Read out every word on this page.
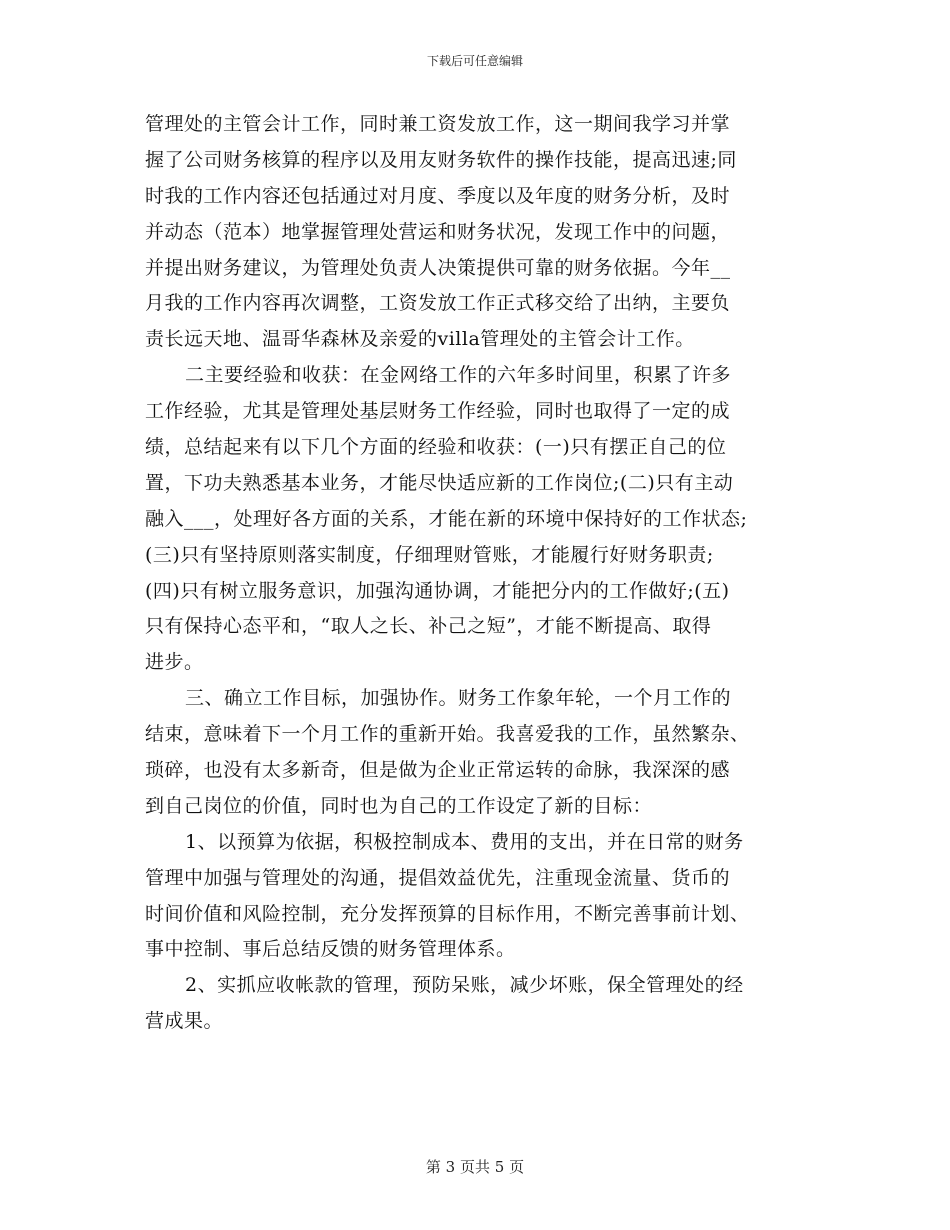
下载后可任意编辑
管理处的主管会计工作，同时兼工资发放工作，这一期间我学习并掌
握了公司财务核算的程序以及用友财务软件的操作技能，提高迅速;同
时我的工作内容还包括通过对月度、季度以及年度的财务分析，及时
并动态（范本）地掌握管理处营运和财务状况，发现工作中的问题，
并提出财务建议，为管理处负责人决策提供可靠的财务依据。今年__
月我的工作内容再次调整，工资发放工作正式移交给了出纳，主要负
责长远天地、温哥华森林及亲爱的villa管理处的主管会计工作。
二主要经验和收获：在金网络工作的六年多时间里，积累了许多
工作经验，尤其是管理处基层财务工作经验，同时也取得了一定的成
绩，总结起来有以下几个方面的经验和收获：(一)只有摆正自己的位
置，下功夫熟悉基本业务，才能尽快适应新的工作岗位;(二)只有主动
融入___，处理好各方面的关系，才能在新的环境中保持好的工作状态;
(三)只有坚持原则落实制度，仔细理财管账，才能履行好财务职责;
(四)只有树立服务意识，加强沟通协调，才能把分内的工作做好;(五)
只有保持心态平和，“取人之长、补己之短”，才能不断提高、取得
进步。
三、确立工作目标，加强协作。财务工作象年轮，一个月工作的
结束，意味着下一个月工作的重新开始。我喜爱我的工作，虽然繁杂、
琐碎，也没有太多新奇，但是做为企业正常运转的命脉，我深深的感
到自己岗位的价值，同时也为自己的工作设定了新的目标：
1、以预算为依据，积极控制成本、费用的支出，并在日常的财务
管理中加强与管理处的沟通，提倡效益优先，注重现金流量、货币的
时间价值和风险控制，充分发挥预算的目标作用，不断完善事前计划、
事中控制、事后总结反馈的财务管理体系。
2、实抓应收帐款的管理，预防呆账，减少坏账，保全管理处的经
营成果。
第 3 页共 5 页
